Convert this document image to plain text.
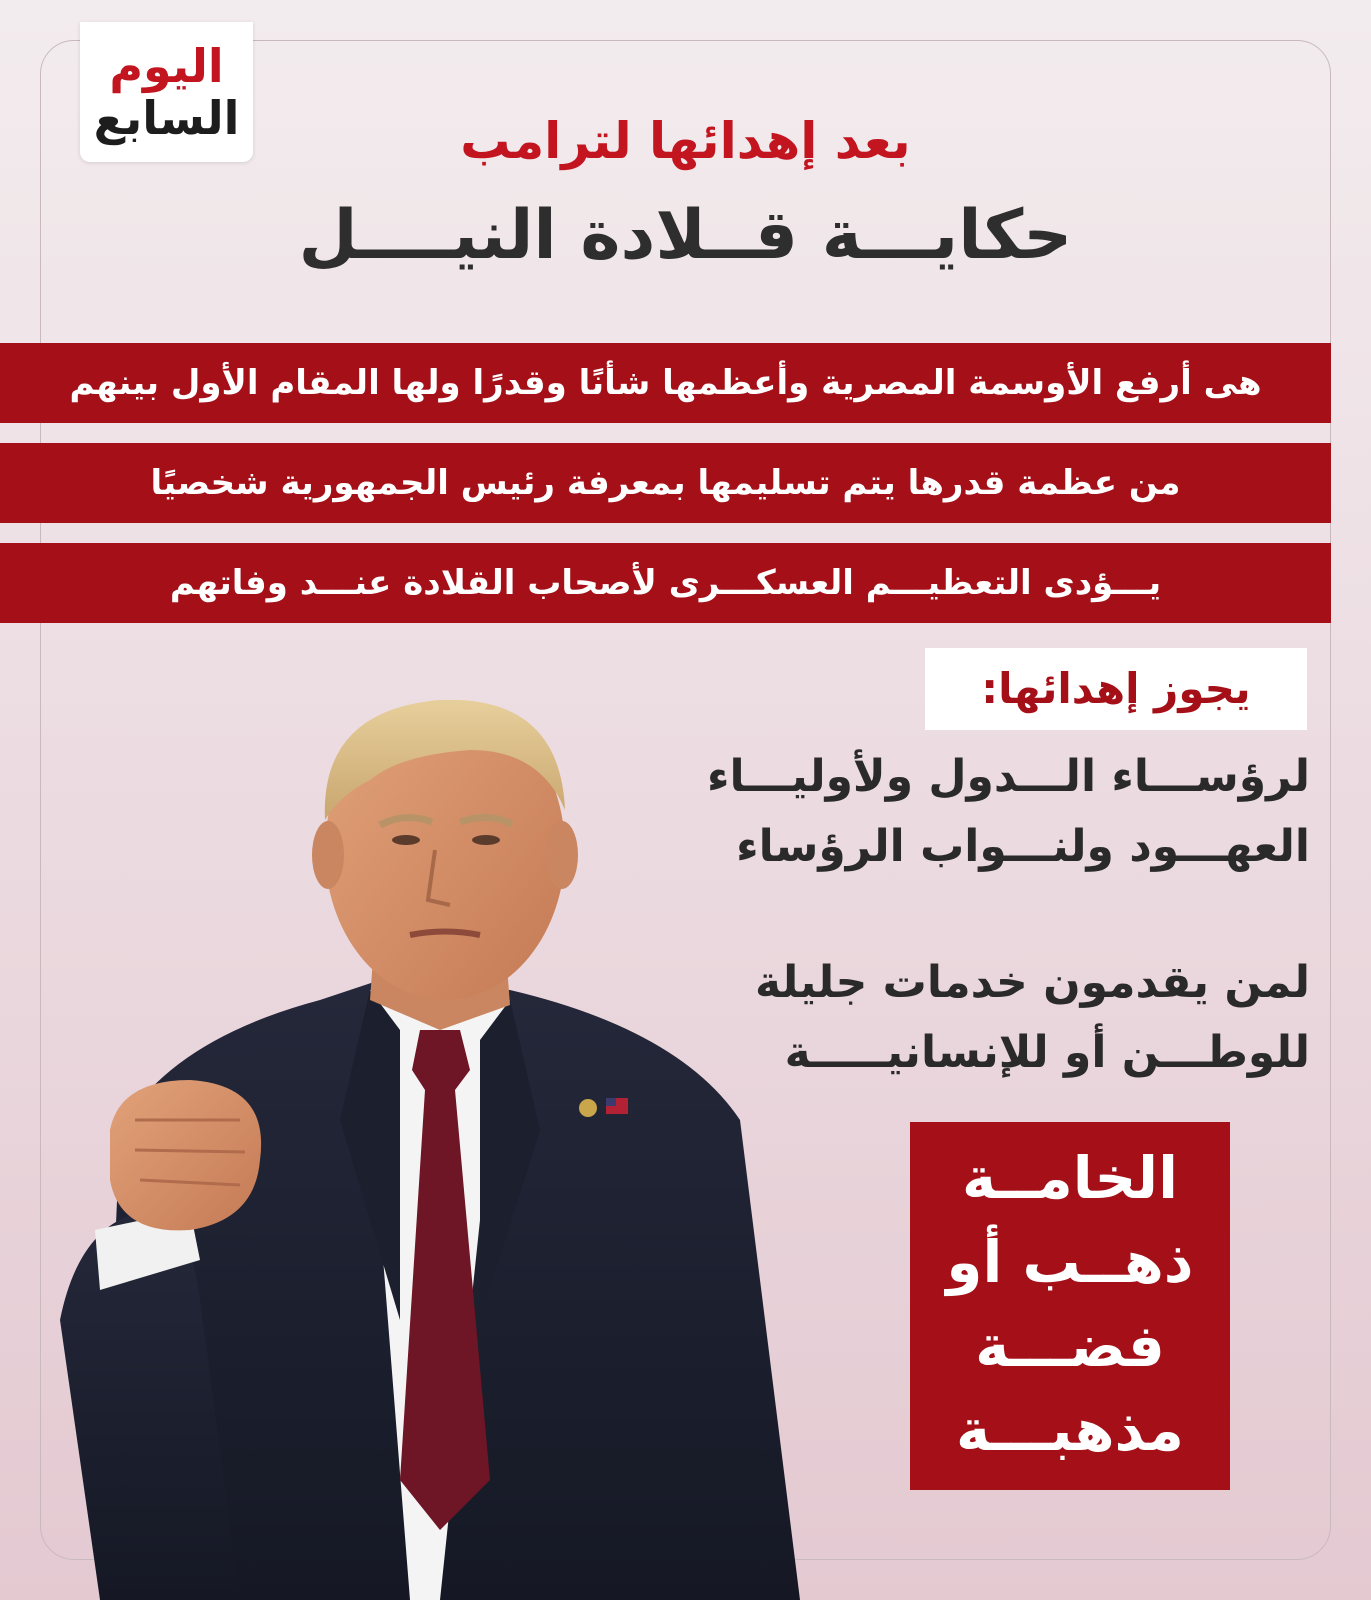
اليوم
السابع	بعد إهدائها لترامب
حكايـــة قــلادة النيــــل
هى أرفع الأوسمة المصرية وأعظمها شأنًا وقدرًا ولها المقام الأول بينهم
من عظمة قدرها يتم تسليمها بمعرفة رئيس الجمهورية شخصيًا
يـــؤدى التعظيـــم العسكـــرى لأصحاب القلادة عنـــد وفاتهم
يجوز إهدائها:
لرؤســـاء الـــدول ولأوليـــاء
العهـــود ولنـــواب الرؤساء
لمن يقدمون خدمات جليلة
للوطـــن أو للإنسانيـــــة
الخامــة
ذهــب أو
فضـــة
مذهبـــة
